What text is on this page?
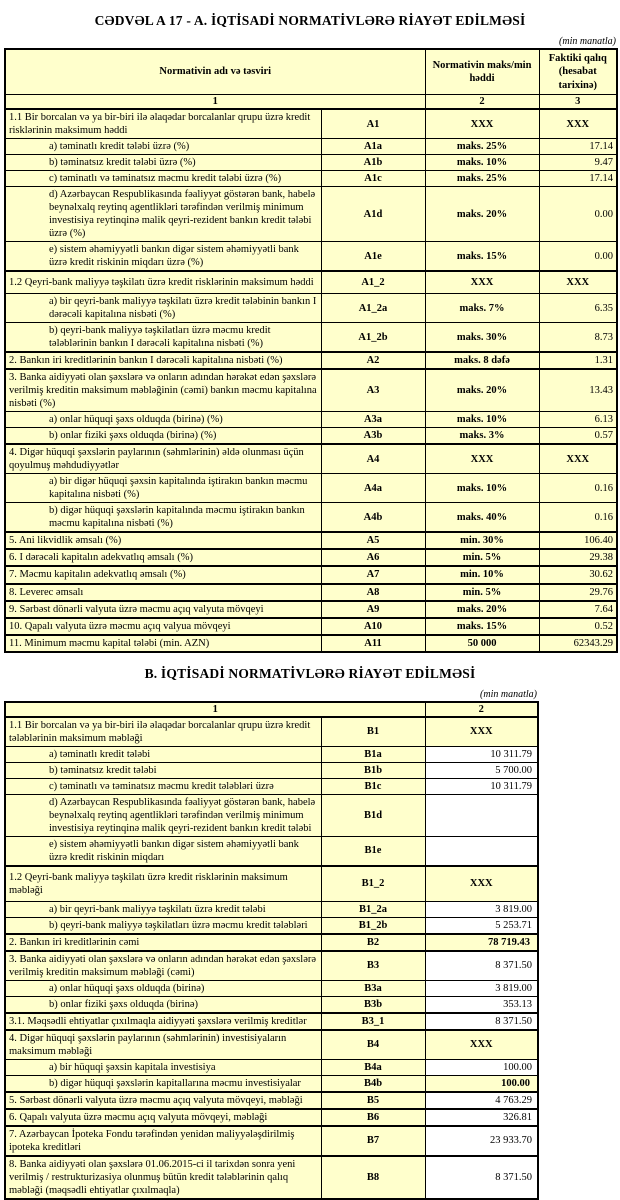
CƏDVƏL A 17 - A. İQTİSADİ NORMATİVLƏRƏ RİAYƏT EDİLMƏSİ
(min manatla)
Normativin adı və təsviri		Normativin maks/min həddi	Faktiki qalıq (hesabat tarixinə)
1		2	3
1.1 Bir borcalan və ya bir-biri ilə əlaqədar borcalanlar qrupu üzrə kredit risklərinin maksimum həddi	A1	XXX	XXX
a) təminatlı kredit tələbi üzrə (%)	A1a	maks. 25%	17.14
b) təminatsız kredit tələbi üzrə (%)	A1b	maks. 10%	9.47
c) təminatlı və təminatsız məcmu kredit tələbi üzrə (%)	A1c	maks. 25%	17.14
d) Azərbaycan Respublikasında fəaliyyət göstərən bank, habelə beynəlxalq reytinq agentlikləri tərəfindən verilmiş minimum investisiya reytinqinə malik qeyri-rezident bankın kredit tələbi üzrə (%)	A1d	maks. 20%	0.00
e) sistem əhəmiyyətli bankın digər sistem əhəmiyyətli bank üzrə kredit riskinin miqdarı üzrə (%)	A1e	maks. 15%	0.00
1.2 Qeyri-bank maliyyə təşkilatı üzrə kredit risklərinin maksimum həddi	A1_2	XXX	XXX
a) bir qeyri-bank maliyyə təşkilatı üzrə kredit tələbinin bankın I dərəcəli kapitalına nisbəti (%)	A1_2a	maks. 7%	6.35
b) qeyri-bank maliyyə təşkilatları üzrə məcmu kredit tələblərinin bankın I dərəcəli kapitalına nisbəti (%)	A1_2b	maks. 30%	8.73
2. Bankın iri kreditlərinin bankın I dərəcəli kapitalına nisbəti (%)	A2	maks. 8 dəfə	1.31
3. Banka aidiyyəti olan şəxslərə və onların adından hərəkət edən şəxslərə verilmiş kreditin maksimum məbləğinin (cəmi) bankın məcmu kapitalına nisbəti (%)	A3	maks. 20%	13.43
a) onlar hüquqi şəxs olduqda (birinə) (%)	A3a	maks. 10%	6.13
b) onlar fiziki şəxs olduqda (birinə) (%)	A3b	maks. 3%	0.57
4. Digər hüquqi şəxslərin paylarının (səhmlərinin) əldə olunması üçün qoyulmuş məhdudiyyətlər	A4	XXX	XXX
a) bir digər hüquqi şəxsin kapitalında iştirakın bankın məcmu kapitalına nisbəti (%)	A4a	maks. 10%	0.16
b) digər hüquqi şəxslərin kapitalında məcmu iştirakın bankın məcmu kapitalına nisbəti (%)	A4b	maks. 40%	0.16
5. Ani likvidlik əmsalı (%)	A5	min. 30%	106.40
6. I dərəcəli kapitalın adekvatlıq əmsalı (%)	A6	min. 5%	29.38
7. Məcmu kapitalın adekvatlıq əmsalı (%)	A7	min. 10%	30.62
8. Leverec əmsalı	A8	min. 5%	29.76
9. Sərbəst dönərli valyuta üzrə məcmu açıq valyuta mövqeyi	A9	maks. 20%	7.64
10. Qapalı valyuta üzrə məcmu açıq valyua mövqeyi	A10	maks. 15%	0.52
11. Minimum məcmu kapital tələbi (min. AZN)	A11	50 000	62343.29
B. İQTİSADİ NORMATİVLƏRƏ RİAYƏT EDİLMƏSİ
(min manatla)
1		2
1.1 Bir borcalan və ya bir-biri ilə əlaqədar borcalanlar qrupu üzrə kredit tələblərinin maksimum məbləği	B1	XXX
a) təminatlı kredit tələbi	B1a	10 311.79
b) təminatsız kredit tələbi	B1b	5 700.00
c) təminatlı və təminatsız məcmu kredit tələbləri üzrə	B1c	10 311.79
d) Azərbaycan Respublikasında fəaliyyət göstərən bank, habelə beynəlxalq reytinq agentlikləri tərəfindən verilmiş minimum investisiya reytinqinə malik qeyri-rezident bankın kredit tələbi	B1d	
e) sistem əhəmiyyətli bankın digər sistem əhəmiyyətli bank üzrə kredit riskinin miqdarı	B1e	
1.2 Qeyri-bank maliyyə təşkilatı üzrə kredit risklərinin maksimum məbləği	B1_2	XXX
a) bir qeyri-bank maliyyə təşkilatı üzrə kredit tələbi	B1_2a	3 819.00
b) qeyri-bank maliyyə təşkilatları üzrə məcmu kredit tələbləri	B1_2b	5 253.71
2. Bankın iri kreditlərinin cəmi	B2	78 719.43
3. Banka aidiyyəti olan şəxslərə və onların adından hərəkət edən şəxslərə verilmiş kreditin maksimum məbləği (cəmi)	B3	8 371.50
a) onlar hüquqi şəxs olduqda (birinə)	B3a	3 819.00
b) onlar fiziki şəxs olduqda (birinə)	B3b	353.13
3.1. Məqsədli ehtiyatlar çıxılmaqla aidiyyəti şəxslərə verilmiş kreditlər	B3_1	8 371.50
4. Digər hüquqi şəxslərin paylarının (səhmlərinin) investisiyaların maksimum məbləği	B4	XXX
a) bir hüquqi şəxsin kapitala investisiya	B4a	100.00
b) digər hüquqi şəxslərin kapitallarına məcmu investisiyalar	B4b	100.00
5. Sərbəst dönərli valyuta üzrə məcmu açıq valyuta mövqeyi, məbləği	B5	4 763.29
6. Qapalı valyuta üzrə məcmu açıq valyuta mövqeyi, məbləği	B6	326.81
7. Azərbaycan İpoteka Fondu tərəfindən yenidən maliyyələşdirilmiş ipoteka kreditləri	B7	23 933.70
8. Banka aidiyyəti olan şəxslərə 01.06.2015-ci il tarixdən sonra yeni verilmiş / restrukturizasiya olunmuş bütün kredit tələblərinin qalıq məbləği (məqsədli ehtiyatlar çıxılmaqla)	B8	8 371.50
